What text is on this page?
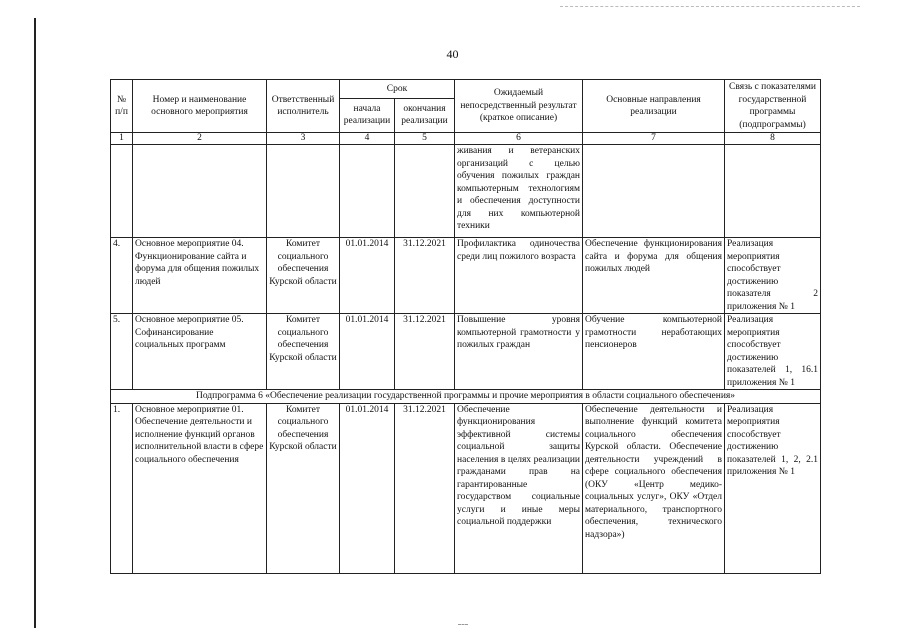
40
№ п/п	Номер и наименование основного мероприятия	Ответственный исполнитель	Срок		Ожидаемый непосредственный результат (краткое описание)	Основные направления реализации	Связь с показателями государственной программы (подпрограммы)
			начала реализации	окончания реализации			
1	2	3	4	5	6	7	8
					живания и ветеранских организаций с целью обучения пожилых граждан компьютерным технологиям и обеспечения доступности для них компьютерной техники		
4.	Основное мероприятие 04. Функционирование сайта и форума для общения пожилых людей	Комитет социального обеспечения Курской области	01.01.2014	31.12.2021	Профилактика одиночества среди лиц пожилого возраста	Обеспечение функционирования сайта и форума для общения пожилых людей	Реализация мероприятия способствует достижению показателя 2 приложения № 1
5.	Основное мероприятие 05. Софинансирование социальных программ	Комитет социального обеспечения Курской области	01.01.2014	31.12.2021	Повышение уровня компьютерной грамотности у пожилых граждан	Обучение компьютерной грамотности неработающих пенсионеров	Реализация мероприятия способствует достижению показателей 1, 16.1 приложения № 1
Подпрограмма 6 «Обеспечение реализации государственной программы и прочие мероприятия в области социального обеспечения»							
1.	Основное мероприятие 01. Обеспечение деятельности и исполнение функций органов исполнительной власти в сфере социального обеспечения	Комитет социального обеспечения Курской области	01.01.2014	31.12.2021	Обеспечение функционирования эффективной системы социальной защиты населения в целях реализации гражданами прав на гарантированные государством социальные услуги и иные меры социальной поддержки	Обеспечение деятельности и выполнение функций комитета социального обеспечения Курской области. Обеспечение деятельности учреждений в сфере социального обеспечения (ОКУ «Центр медико-социальных услуг», ОКУ «Отдел материального, транспортного обеспечения, технического надзора»)	Реализация мероприятия способствует достижению показателей 1, 2, 2.1 приложения № 1
